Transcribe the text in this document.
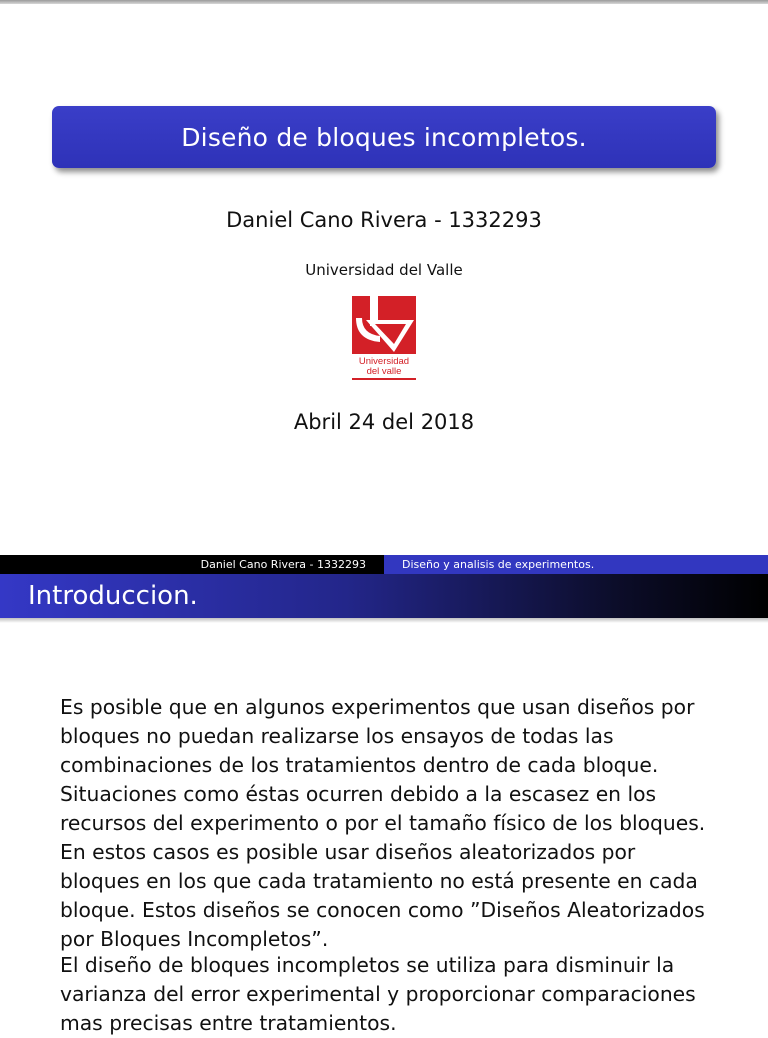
Diseño de bloques incompletos.
Daniel Cano Rivera - 1332293
Universidad del Valle
Universidad
del valle
Abril 24 del 2018
Daniel Cano Rivera - 1332293	Diseño y analisis de experimentos.
Introduccion.
Es posible que en algunos experimentos que usan diseños por bloques no puedan realizarse los ensayos de todas las combinaciones de los tratamientos dentro de cada bloque. Situaciones como éstas ocurren debido a la escasez en los recursos del experimento o por el tamaño físico de los bloques. En estos casos es posible usar diseños aleatorizados por bloques en los que cada tratamiento no está presente en cada bloque. Estos diseños se conocen como ”Diseños Aleatorizados por Bloques Incompletos”.
El diseño de bloques incompletos se utiliza para disminuir la varianza del error experimental y proporcionar comparaciones mas precisas entre tratamientos.
